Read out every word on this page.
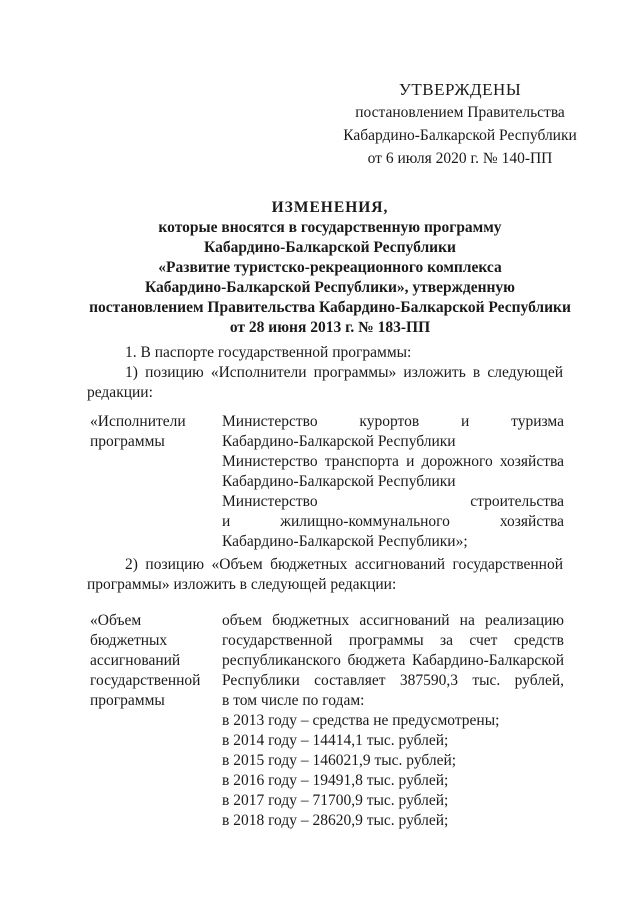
УТВЕРЖДЕНЫ
постановлением Правительства
Кабардино-Балкарской Республики
от 6 июля 2020 г. № 140-ПП
ИЗМЕНЕНИЯ,
которые вносятся в государственную программу
Кабардино-Балкарской Республики
«Развитие туристско-рекреационного комплекса
Кабардино-Балкарской Республики», утвержденную
постановлением Правительства Кабардино-Балкарской Республики
от 28 июня 2013 г. № 183-ПП
1. В паспорте государственной программы:
1) позицию «Исполнители программы» изложить в следующей
редакции:
«Исполнители
программы
Министерство курортов и туризма
Кабардино-Балкарской Республики
Министерство транспорта и дорожного хозяйства
Кабардино-Балкарской Республики
Министерство строительства
и жилищно-коммунального хозяйства
Кабардино-Балкарской Республики»;
2) позицию «Объем бюджетных ассигнований государственной
программы» изложить в следующей редакции:
«Объем
бюджетных
ассигнований
государственной
программы
объем бюджетных ассигнований на реализацию
государственной программы за счет средств
республиканского бюджета Кабардино-Балкарской
Республики составляет 387590,3 тыс. рублей,
в том числе по годам:
в 2013 году – средства не предусмотрены;
в 2014 году – 14414,1 тыс. рублей;
в 2015 году – 146021,9 тыс. рублей;
в 2016 году – 19491,8 тыс. рублей;
в 2017 году – 71700,9 тыс. рублей;
в 2018 году – 28620,9 тыс. рублей;
